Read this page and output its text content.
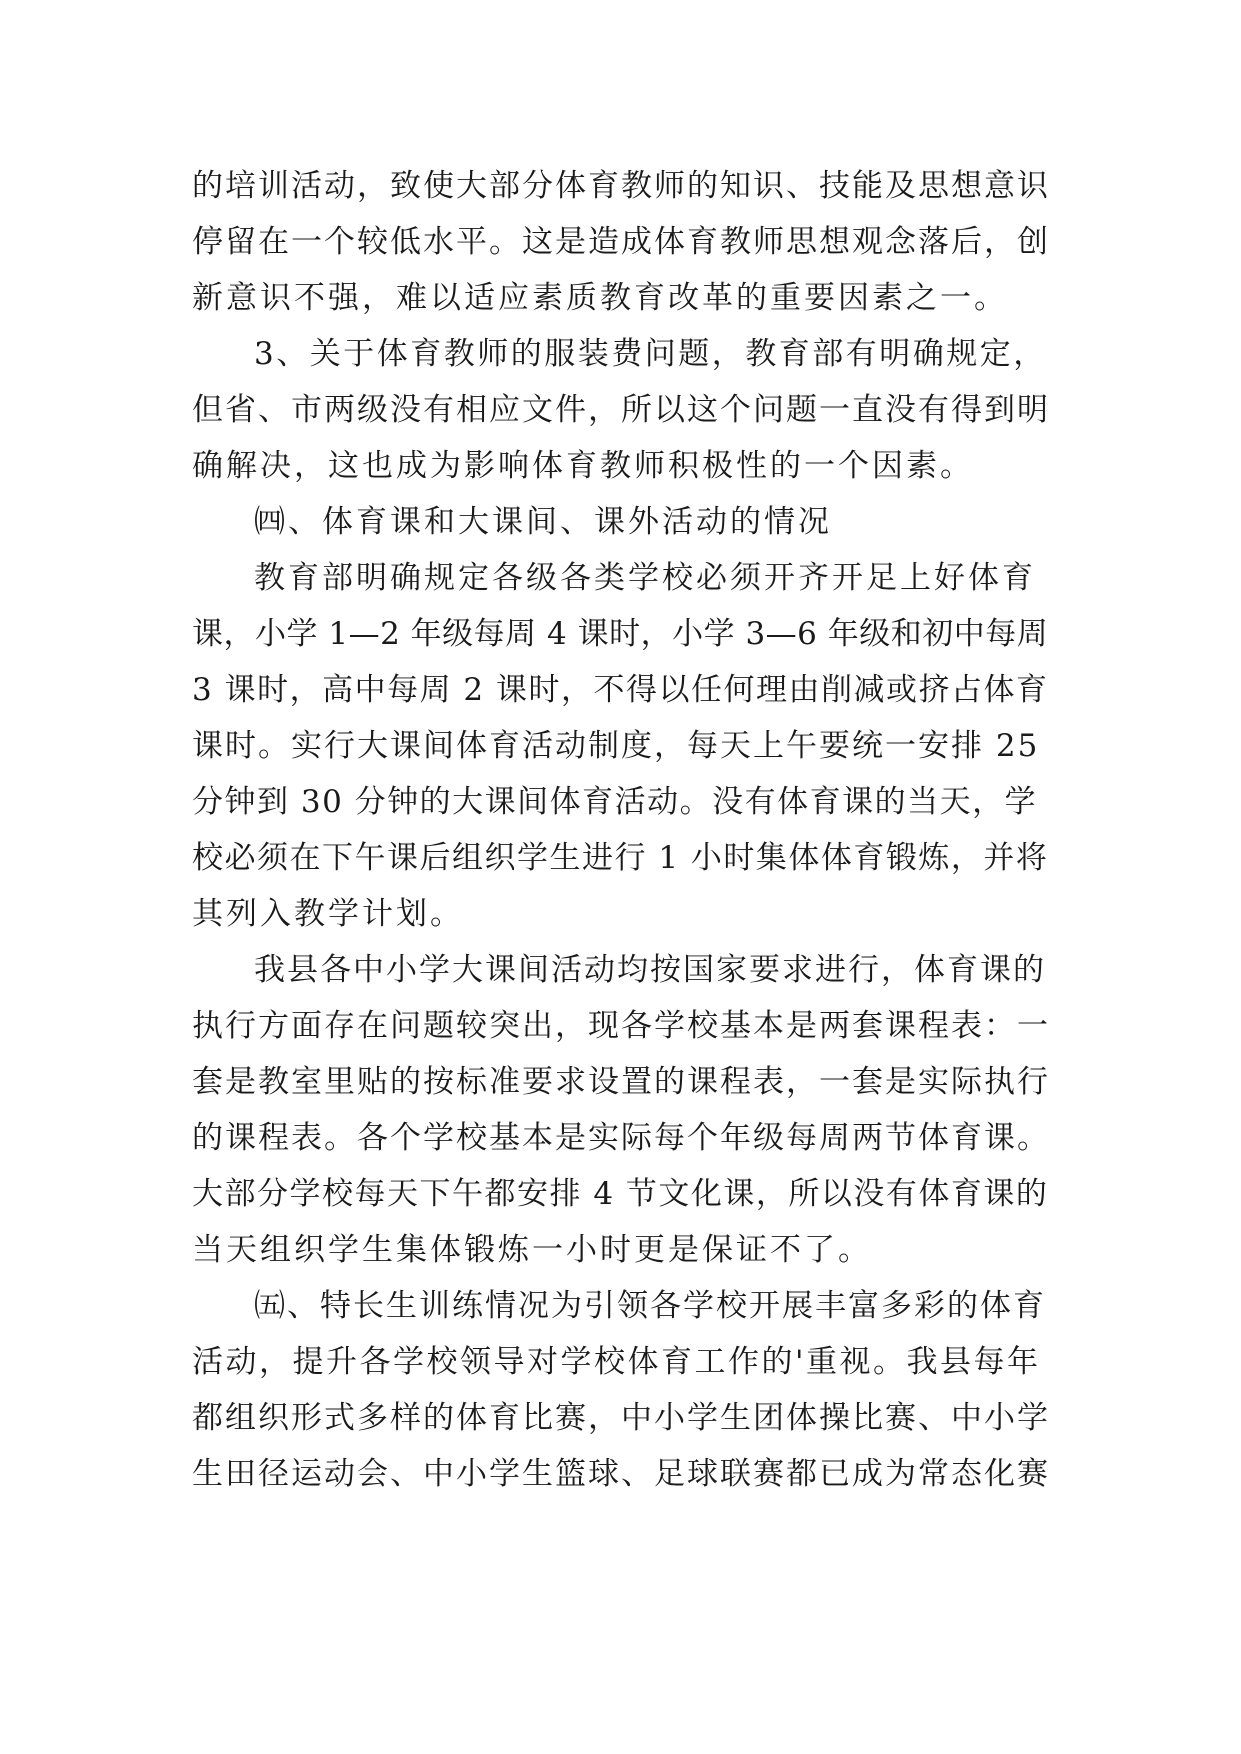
的培训活动，致使大部分体育教师的知识、技能及思想意识
停留在一个较低水平。这是造成体育教师思想观念落后，创
新意识不强，难以适应素质教育改革的重要因素之一。
3、关于体育教师的服装费问题，教育部有明确规定，
但省、市两级没有相应文件，所以这个问题一直没有得到明
确解决，这也成为影响体育教师积极性的一个因素。
㈣、体育课和大课间、课外活动的情况
教育部明确规定各级各类学校必须开齐开足上好体育
课，小学 1—2 年级每周 4 课时，小学 3—6 年级和初中每周
3 课时，高中每周 2 课时，不得以任何理由削减或挤占体育
课时。实行大课间体育活动制度，每天上午要统一安排 25
分钟到 30 分钟的大课间体育活动。没有体育课的当天，学
校必须在下午课后组织学生进行 1 小时集体体育锻炼，并将
其列入教学计划。
我县各中小学大课间活动均按国家要求进行，体育课的
执行方面存在问题较突出，现各学校基本是两套课程表：一
套是教室里贴的按标准要求设置的课程表，一套是实际执行
的课程表。各个学校基本是实际每个年级每周两节体育课。
大部分学校每天下午都安排 4 节文化课，所以没有体育课的
当天组织学生集体锻炼一小时更是保证不了。
㈤、特长生训练情况为引领各学校开展丰富多彩的体育
活动，提升各学校领导对学校体育工作的'重视。我县每年
都组织形式多样的体育比赛，中小学生团体操比赛、中小学
生田径运动会、中小学生篮球、足球联赛都已成为常态化赛
